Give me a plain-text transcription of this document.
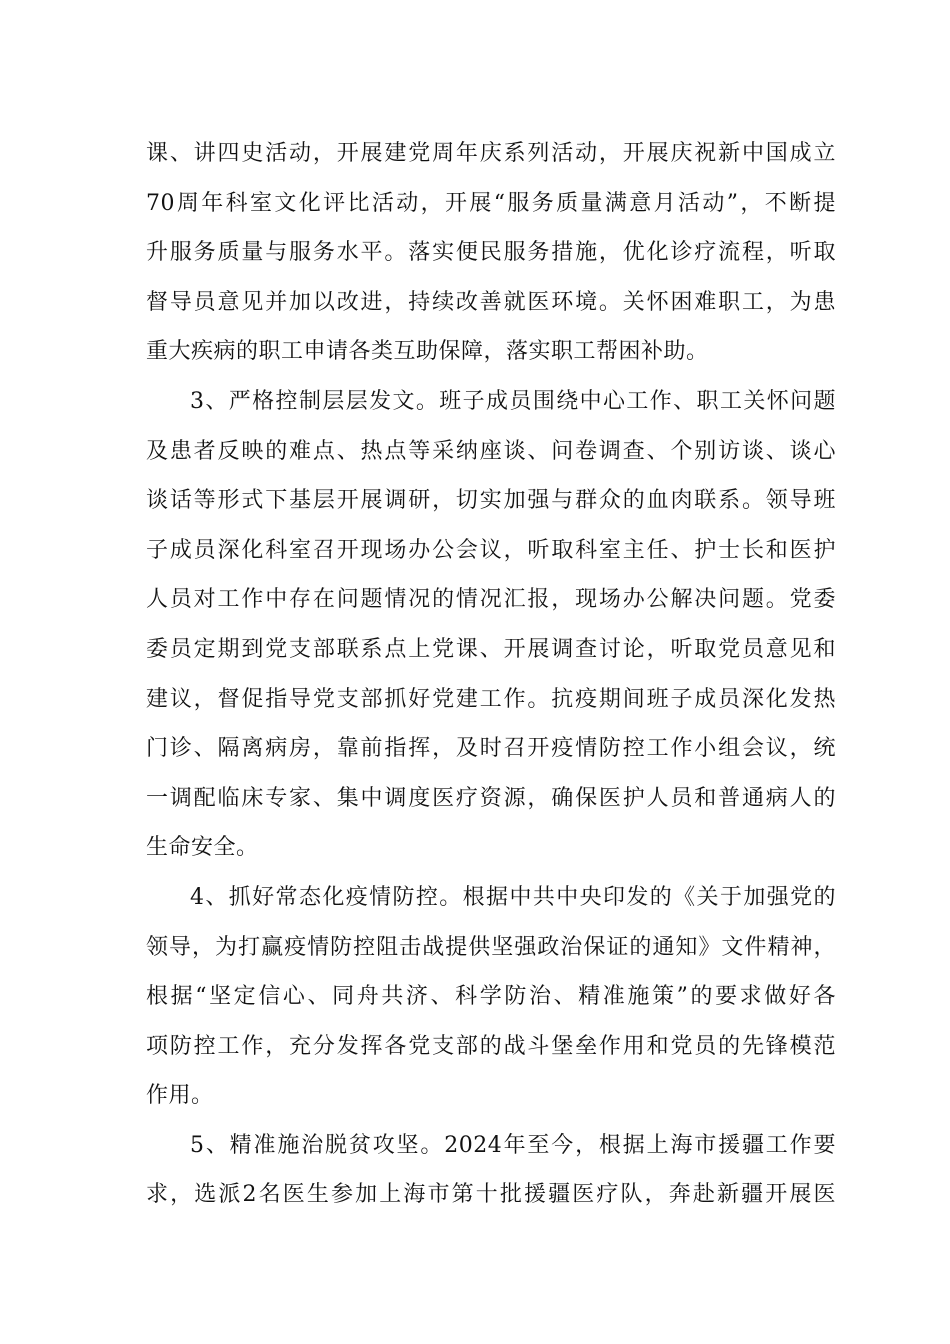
课、讲四史活动，开展建党周年庆系列活动，开展庆祝新中国成立
70周年科室文化评比活动，开展“服务质量满意月活动”，不断提
升服务质量与服务水平。落实便民服务措施，优化诊疗流程，听取
督导员意见并加以改进，持续改善就医环境。关怀困难职工，为患
重大疾病的职工申请各类互助保障，落实职工帮困补助。
3、严格控制层层发文。班子成员围绕中心工作、职工关怀问题
及患者反映的难点、热点等采纳座谈、问卷调查、个别访谈、谈心
谈话等形式下基层开展调研，切实加强与群众的血肉联系。领导班
子成员深化科室召开现场办公会议，听取科室主任、护士长和医护
人员对工作中存在问题情况的情况汇报，现场办公解决问题。党委
委员定期到党支部联系点上党课、开展调查讨论，听取党员意见和
建议，督促指导党支部抓好党建工作。抗疫期间班子成员深化发热
门诊、隔离病房，靠前指挥，及时召开疫情防控工作小组会议，统
一调配临床专家、集中调度医疗资源，确保医护人员和普通病人的
生命安全。
4、抓好常态化疫情防控。根据中共中央印发的《关于加强党的
领导，为打赢疫情防控阻击战提供坚强政治保证的通知》文件精神，
根据“坚定信心、同舟共济、科学防治、精准施策”的要求做好各
项防控工作，充分发挥各党支部的战斗堡垒作用和党员的先锋模范
作用。
5、精准施治脱贫攻坚。2024年至今，根据上海市援疆工作要
求，选派2名医生参加上海市第十批援疆医疗队，奔赴新疆开展医
